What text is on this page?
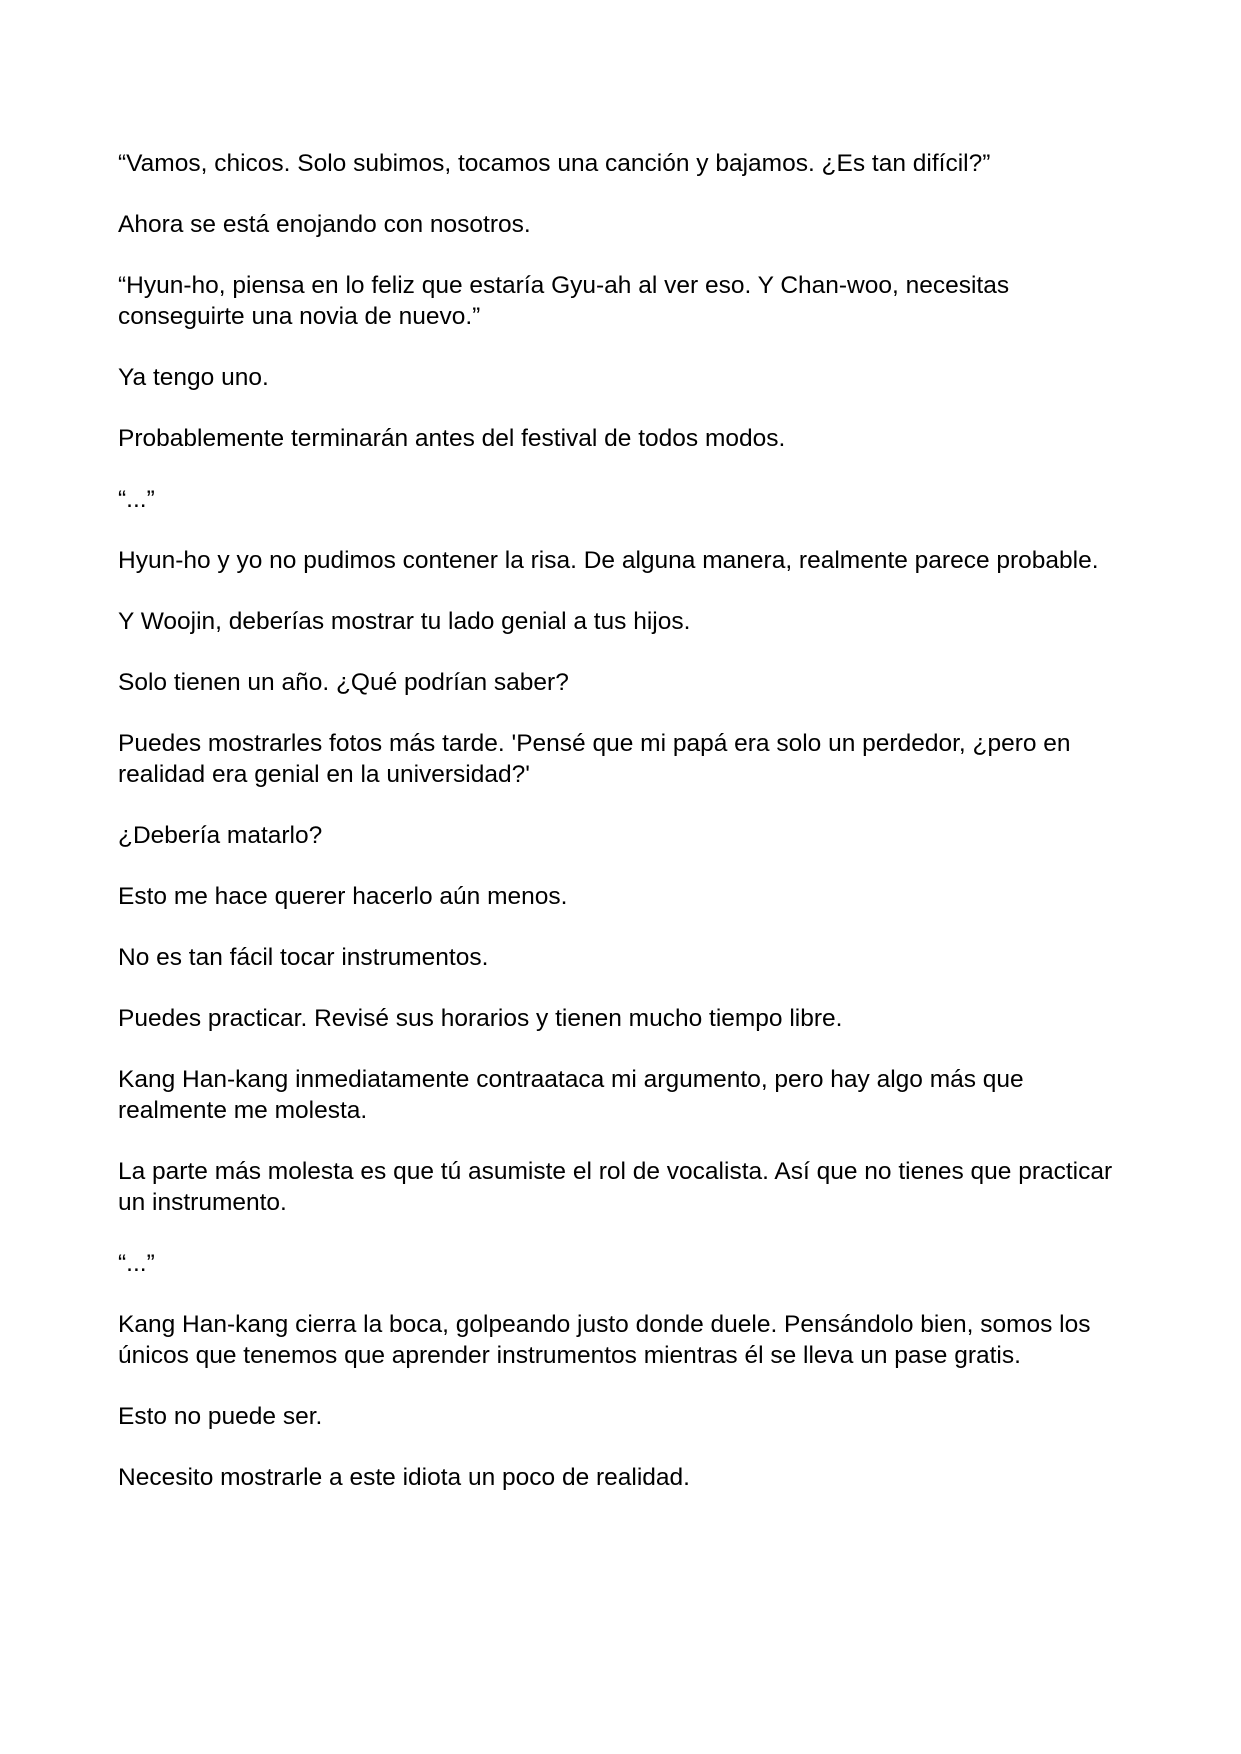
“Vamos, chicos. Solo subimos, tocamos una canción y bajamos. ¿Es tan difícil?”

Ahora se está enojando con nosotros.

“Hyun-ho, piensa en lo feliz que estaría Gyu-ah al ver eso. Y Chan-woo, necesitas conseguirte una novia de nuevo.”

Ya tengo uno.

Probablemente terminarán antes del festival de todos modos.

“...”

Hyun-ho y yo no pudimos contener la risa. De alguna manera, realmente parece probable.

Y Woojin, deberías mostrar tu lado genial a tus hijos.

Solo tienen un año. ¿Qué podrían saber?

Puedes mostrarles fotos más tarde. 'Pensé que mi papá era solo un perdedor, ¿pero en realidad era genial en la universidad?'

¿Debería matarlo?

Esto me hace querer hacerlo aún menos.

No es tan fácil tocar instrumentos.

Puedes practicar. Revisé sus horarios y tienen mucho tiempo libre.

Kang Han-kang inmediatamente contraataca mi argumento, pero hay algo más que realmente me molesta.

La parte más molesta es que tú asumiste el rol de vocalista. Así que no tienes que practicar un instrumento.

“...”

Kang Han-kang cierra la boca, golpeando justo donde duele. Pensándolo bien, somos los únicos que tenemos que aprender instrumentos mientras él se lleva un pase gratis.

Esto no puede ser.

Necesito mostrarle a este idiota un poco de realidad.
